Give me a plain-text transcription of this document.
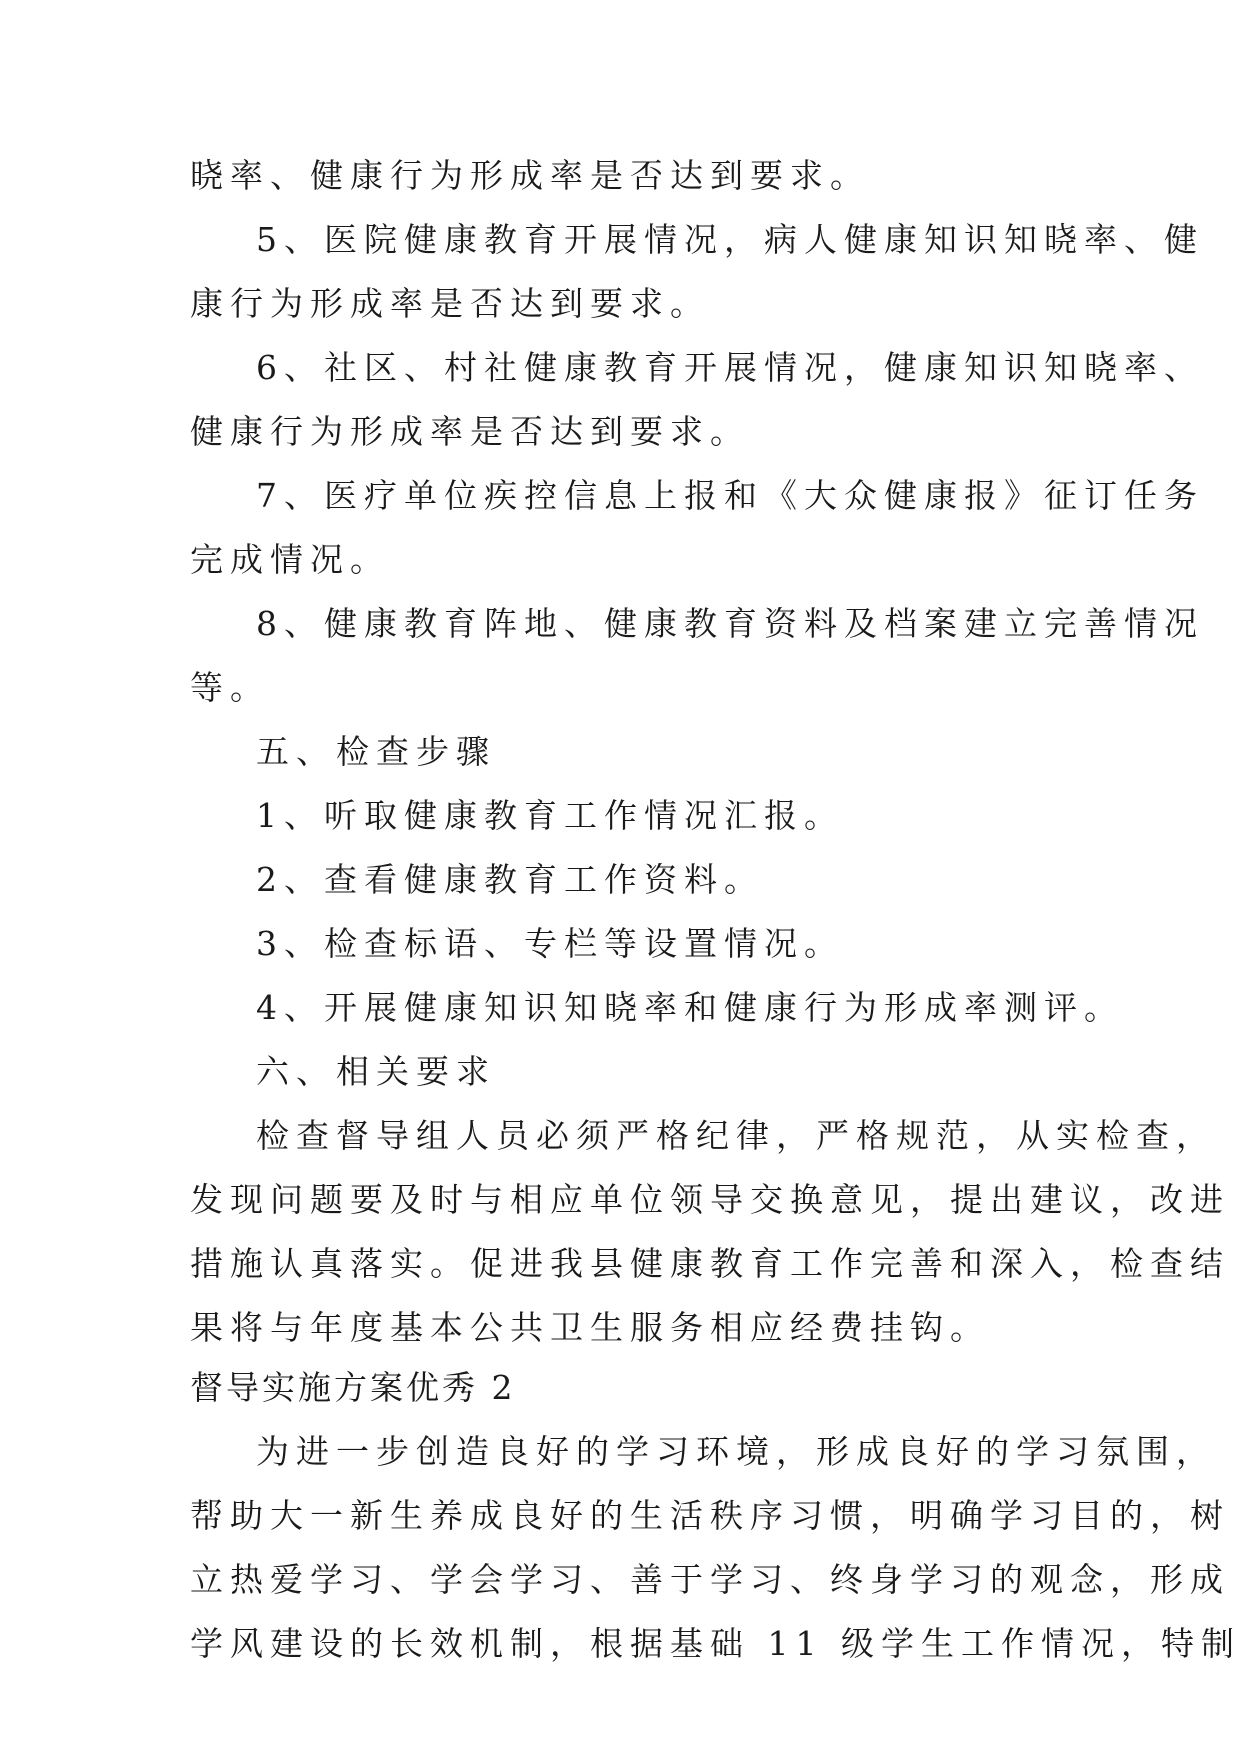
晓率、健康行为形成率是否达到要求。
5、医院健康教育开展情况，病人健康知识知晓率、健
康行为形成率是否达到要求。
6、社区、村社健康教育开展情况，健康知识知晓率、
健康行为形成率是否达到要求。
7、医疗单位疾控信息上报和《大众健康报》征订任务
完成情况。
8、健康教育阵地、健康教育资料及档案建立完善情况
等。
五、检查步骤
1、听取健康教育工作情况汇报。
2、查看健康教育工作资料。
3、检查标语、专栏等设置情况。
4、开展健康知识知晓率和健康行为形成率测评。
六、相关要求
检查督导组人员必须严格纪律，严格规范，从实检查，
发现问题要及时与相应单位领导交换意见，提出建议，改进
措施认真落实。促进我县健康教育工作完善和深入，检查结
果将与年度基本公共卫生服务相应经费挂钩。
督导实施方案优秀 2
为进一步创造良好的学习环境，形成良好的学习氛围，
帮助大一新生养成良好的生活秩序习惯，明确学习目的，树
立热爱学习、学会学习、善于学习、终身学习的观念，形成
学风建设的长效机制，根据基础 11 级学生工作情况，特制
